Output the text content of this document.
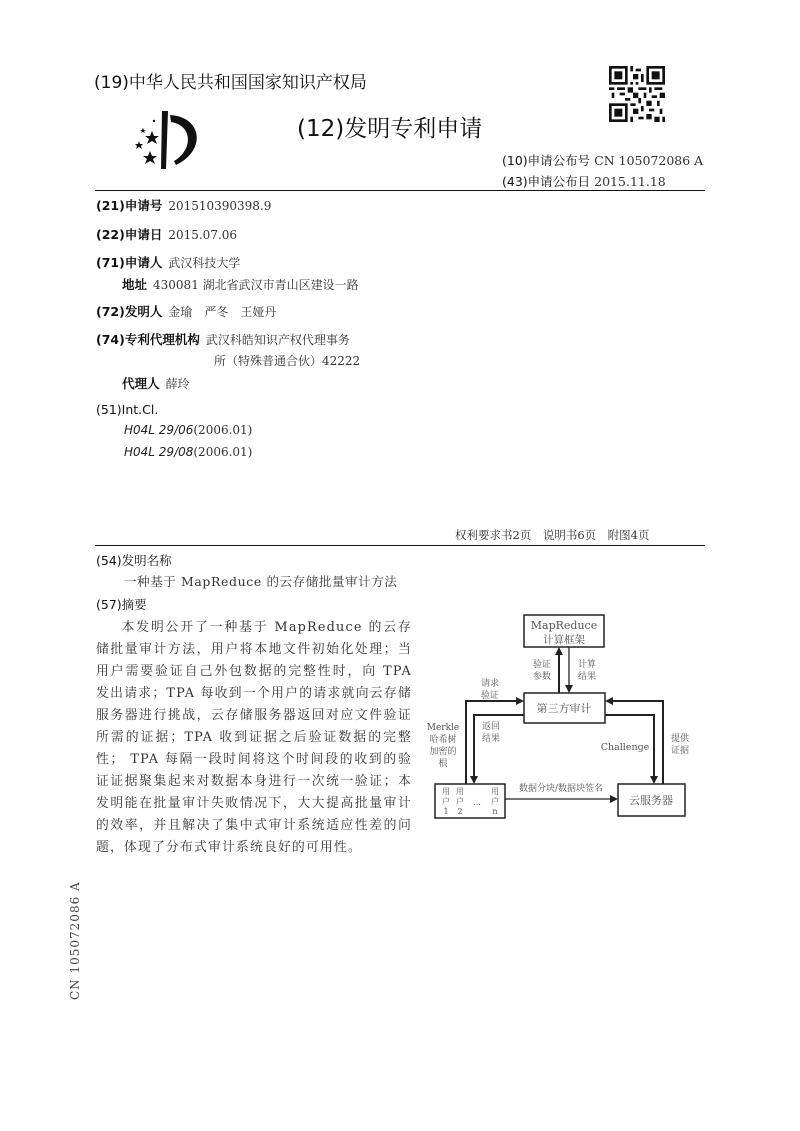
(19)中华人民共和国国家知识产权局
(12)发明专利申请
(10)申请公布号 CN 105072086 A
(43)申请公布日 2015.11.18
(21)申请号 201510390398.9
(22)申请日 2015.07.06
(71)申请人 武汉科技大学
地址 430081 湖北省武汉市青山区建设一路
(72)发明人 金瑜　严冬　王娅丹
(74)专利代理机构 武汉科皓知识产权代理事务
所（特殊普通合伙）42222
代理人 薛玲
(51)Int.Cl.
H04L 29/06(2006.01)
H04L 29/08(2006.01)
权利要求书2页　说明书6页　附图4页
(54)发明名称
一种基于 MapReduce 的云存储批量审计方法
(57)摘要
本发明公开了一种基于 MapReduce 的云存储批量审计方法，用户将本地文件初始化处理；当用户需要验证自己外包数据的完整性时，向 TPA 发出请求；TPA 每收到一个用户的请求就向云存储服务器进行挑战，云存储服务器返回对应文件验证所需的证据；TPA 收到证据之后验证数据的完整性； TPA 每隔一段时间将这个时间段的收到的验证证据聚集起来对数据本身进行一次统一验证；本发明能在批量审计失败情况下，大大提高批量审计的效率，并且解决了集中式审计系统适应性差的问题，体现了分布式审计系统良好的可用性。
MapReduce
计算框架
第三方审计
用
户
1
用
户
2
…
用
户
n
云服务器
验证
参数
计算
结果
请求
验证
返回
结果
Merkle
哈希树
加密的
根
Challenge
提供
证据
数据分块/数据块签名
CN 105072086 A
